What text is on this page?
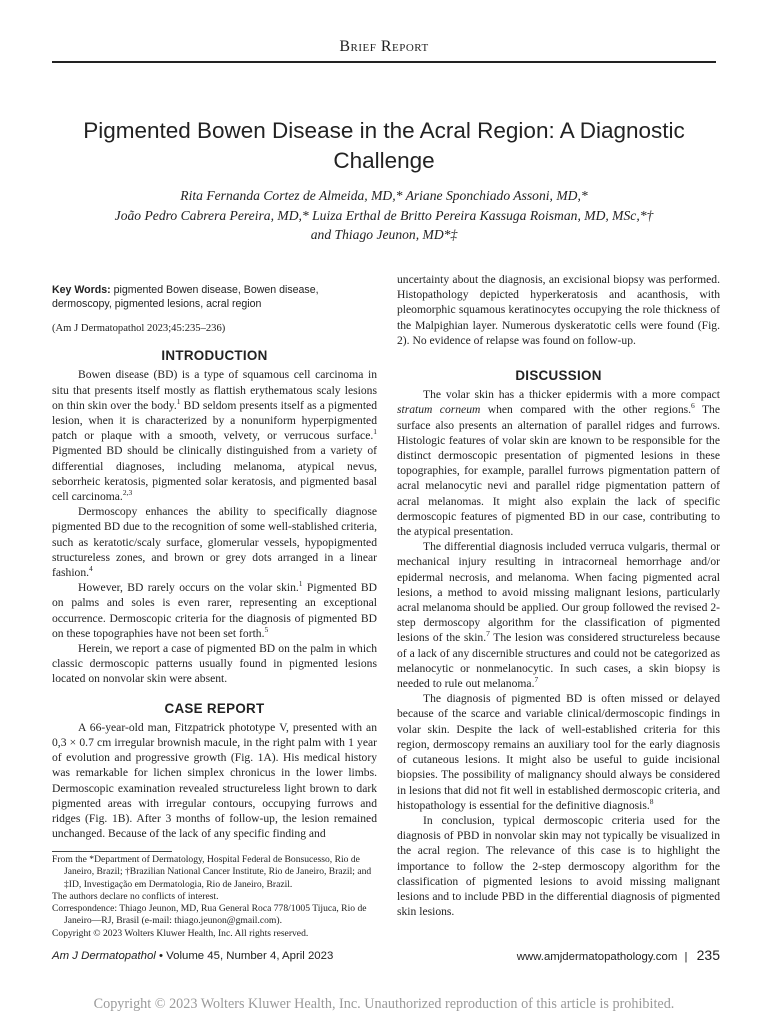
Brief Report
Pigmented Bowen Disease in the Acral Region: A Diagnostic Challenge
Rita Fernanda Cortez de Almeida, MD,* Ariane Sponchiado Assoni, MD,*
João Pedro Cabrera Pereira, MD,* Luiza Erthal de Britto Pereira Kassuga Roisman, MD, MSc,*†
and Thiago Jeunon, MD*‡

Key Words: pigmented Bowen disease, Bowen disease, dermoscopy, pigmented lesions, acral region

(Am J Dermatopathol 2023;45:235–236)

INTRODUCTION

Bowen disease (BD) is a type of squamous cell carcinoma in situ that presents itself mostly as flattish erythematous scaly lesions on thin skin over the body.$^1$ BD seldom presents itself as a pigmented lesion, when it is characterized by a nonuniform hyperpigmented patch or plaque with a smooth, velvety, or verrucous surface.$^1$ Pigmented BD should be clinically distinguished from a variety of differential diagnoses, including melanoma, atypical nevus, seborrheic keratosis, pigmented solar keratosis, and pigmented basal cell carcinoma.$^{2,3}$

Dermoscopy enhances the ability to specifically diagnose pigmented BD due to the recognition of some well-stablished criteria, such as keratotic/scaly surface, glomerular vessels, hypopigmented structureless zones, and brown or grey dots arranged in a linear fashion.$^4$

However, BD rarely occurs on the volar skin.$^1$ Pigmented BD on palms and soles is even rarer, representing an exceptional occurrence. Dermoscopic criteria for the diagnosis of pigmented BD on these topographies have not been set forth.$^5$

Herein, we report a case of pigmented BD on the palm in which classic dermoscopic patterns usually found in pigmented lesions located on nonvolar skin were absent.

CASE REPORT

A 66-year-old man, Fitzpatrick phototype V, presented with an 0,3 × 0.7 cm irregular brownish macule, in the right palm with 1 year of evolution and progressive growth (Fig. 1A). His medical history was remarkable for lichen simplex chronicus in the lower limbs. Dermoscopic examination revealed structureless light brown to dark pigmented areas with irregular contours, occupying furrows and ridges (Fig. 1B). After 3 months of follow-up, the lesion remained unchanged. Because of the lack of any specific finding and

From the *Department of Dermatology, Hospital Federal de Bonsucesso, Rio de Janeiro, Brazil; †Brazilian National Cancer Institute, Rio de Janeiro, Brazil; and ‡ID, Investigação em Dermatologia, Rio de Janeiro, Brazil.

The authors declare no conflicts of interest.

Correspondence: Thiago Jeunon, MD, Rua General Roca 778/1005 Tijuca, Rio de Janeiro—RJ, Brasil (e-mail: thiago.jeunon@gmail.com).

Copyright © 2023 Wolters Kluwer Health, Inc. All rights reserved.

uncertainty about the diagnosis, an excisional biopsy was performed. Histopathology depicted hyperkeratosis and acanthosis, with pleomorphic squamous keratinocytes occupying the role thickness of the Malpighian layer. Numerous dyskeratotic cells were found (Fig. 2). No evidence of relapse was found on follow-up.

DISCUSSION

The volar skin has a thicker epidermis with a more compact stratum corneum when compared with the other regions.$^6$ The surface also presents an alternation of parallel ridges and furrows. Histologic features of volar skin are known to be responsible for the distinct dermoscopic presentation of pigmented lesions in these topographies, for example, parallel furrows pigmentation pattern of acral melanocytic nevi and parallel ridge pigmentation pattern of acral melanomas. It might also explain the lack of specific dermoscopic features of pigmented BD in our case, contributing to the atypical presentation.

The differential diagnosis included verruca vulgaris, thermal or mechanical injury resulting in intracorneal hemorrhage and/or epidermal necrosis, and melanoma. When facing pigmented acral lesions, a method to avoid missing malignant lesions, particularly acral melanoma should be applied. Our group followed the revised 2-step dermoscopy algorithm for the classification of pigmented lesions of the skin.$^7$ The lesion was considered structureless because of a lack of any discernible structures and could not be categorized as melanocytic or nonmelanocytic. In such cases, a skin biopsy is needed to rule out melanoma.$^7$

The diagnosis of pigmented BD is often missed or delayed because of the scarce and variable clinical/dermoscopic findings in volar skin. Despite the lack of well-established criteria for this region, dermoscopy remains an auxiliary tool for the early diagnosis of cutaneous lesions. It might also be useful to guide incisional biopsies. The possibility of malignancy should always be considered in lesions that did not fit well in established dermoscopic criteria, and histopathology is essential for the definitive diagnosis.$^8$

In conclusion, typical dermoscopic criteria used for the diagnosis of PBD in nonvolar skin may not typically be visualized in the acral region. The relevance of this case is to highlight the importance to follow the 2-step dermoscopy algorithm for the classification of pigmented lesions to avoid missing malignant lesions and to include PBD in the differential diagnosis of pigmented skin lesions.

Am J Dermatopathol • Volume 45, Number 4, April 2023	www.amjdermatopathology.com | 235
Copyright © 2023 Wolters Kluwer Health, Inc. Unauthorized reproduction of this article is prohibited.
